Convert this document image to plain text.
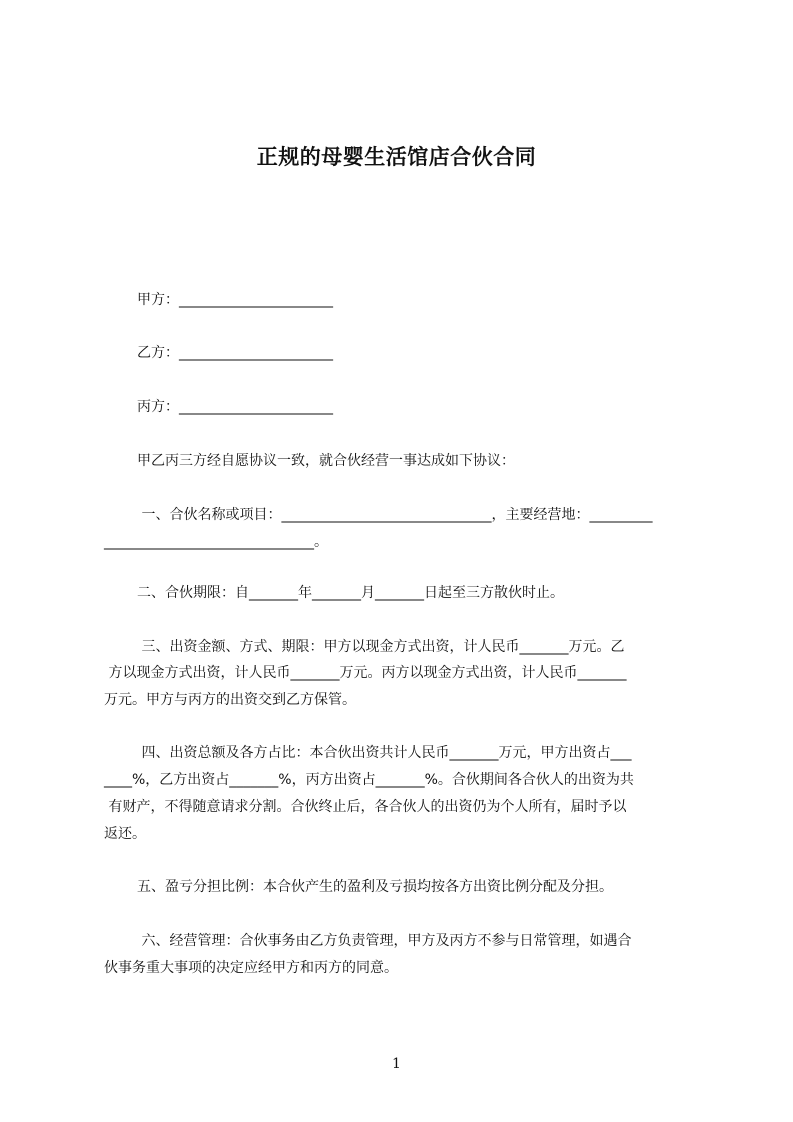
正规的母婴生活馆店合伙合同
甲方：______________________
乙方：______________________
丙方：______________________
甲乙丙三方经自愿协议一致，就合伙经营一事达成如下协议：
一、合伙名称或项目：______________________________，主要经营地：_________
______________________________。
二、合伙期限：自_______年_______月_______日起至三方散伙时止。
三、出资金额、方式、期限：甲方以现金方式出资，计人民币_______万元。乙
方以现金方式出资，计人民币_______万元。丙方以现金方式出资，计人民币_______
万元。甲方与丙方的出资交到乙方保管。
四、出资总额及各方占比：本合伙出资共计人民币_______万元，甲方出资占___
____%，乙方出资占_______%，丙方出资占_______%。合伙期间各合伙人的出资为共
有财产，不得随意请求分割。合伙终止后，各合伙人的出资仍为个人所有，届时予以
返还。
五、盈亏分担比例：本合伙产生的盈利及亏损均按各方出资比例分配及分担。
六、经营管理：合伙事务由乙方负责管理，甲方及丙方不参与日常管理，如遇合
伙事务重大事项的决定应经甲方和丙方的同意。
1
